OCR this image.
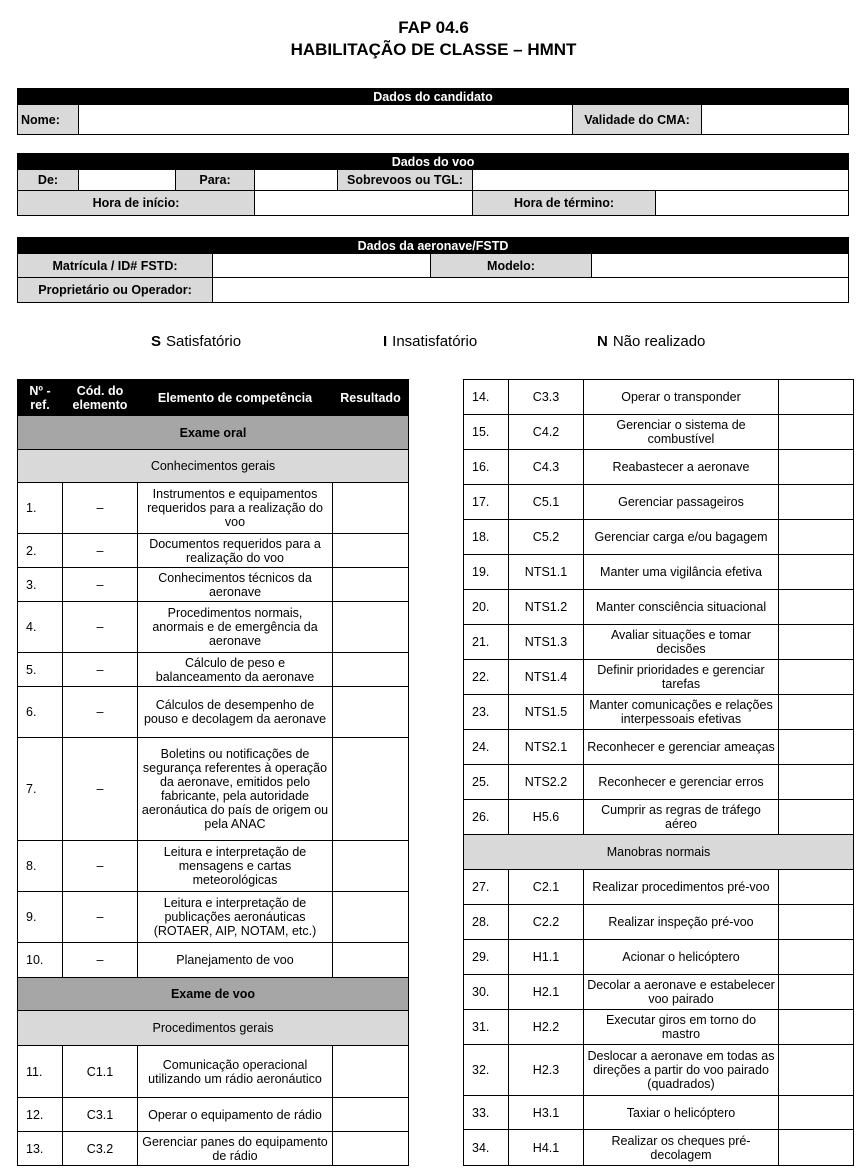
FAP 04.6
HABILITAÇÃO DE CLASSE – HMNT
Dados do candidato
Nome:		Validade do CMA:	
Dados do voo						
De:		Para:		Sobrevoos ou TGL:		
Hora de início:					Hora de término:	
Dados da aeronave/FSTD			
Matrícula / ID# FSTD:		Modelo:	
Proprietário ou Operador:			
S Satisfatório	I Insatisfatório	N Não realizado
Nº - ref.	Cód. do elemento	Elemento de competência	Resultado
Exame oral			
Conhecimentos gerais			
1.	–	Instrumentos e equipamentos requeridos para a realização do voo	
2.	–	Documentos requeridos para a realização do voo	
3.	–	Conhecimentos técnicos da aeronave	
4.	–	Procedimentos normais, anormais e de emergência da aeronave	
5.	–	Cálculo de peso e balanceamento da aeronave	
6.	–	Cálculos de desempenho de pouso e decolagem da aeronave	
7.	–	Boletins ou notificações de segurança referentes à operação da aeronave, emitidos pelo fabricante, pela autoridade aeronáutica do país de origem ou pela ANAC	
8.	–	Leitura e interpretação de mensagens e cartas meteorológicas	
9.	–	Leitura e interpretação de publicações aeronáuticas (ROTAER, AIP, NOTAM, etc.)	
10.	–	Planejamento de voo	
Exame de voo			
Procedimentos gerais			
11.	C1.1	Comunicação operacional utilizando um rádio aeronáutico	
12.	C3.1	Operar o equipamento de rádio	
13.	C3.2	Gerenciar panes do equipamento de rádio	
14.	C3.3	Operar o transponder	
15.	C4.2	Gerenciar o sistema de combustível	
16.	C4.3	Reabastecer a aeronave	
17.	C5.1	Gerenciar passageiros	
18.	C5.2	Gerenciar carga e/ou bagagem	
19.	NTS1.1	Manter uma vigilância efetiva	
20.	NTS1.2	Manter consciência situacional	
21.	NTS1.3	Avaliar situações e tomar decisões	
22.	NTS1.4	Definir prioridades e gerenciar tarefas	
23.	NTS1.5	Manter comunicações e relações interpessoais efetivas	
24.	NTS2.1	Reconhecer e gerenciar ameaças	
25.	NTS2.2	Reconhecer e gerenciar erros	
26.	H5.6	Cumprir as regras de tráfego aéreo	
Manobras normais			
27.	C2.1	Realizar procedimentos pré-voo	
28.	C2.2	Realizar inspeção pré-voo	
29.	H1.1	Acionar o helicóptero	
30.	H2.1	Decolar a aeronave e estabelecer voo pairado	
31.	H2.2	Executar giros em torno do mastro	
32.	H2.3	Deslocar a aeronave em todas as direções a partir do voo pairado (quadrados)	
33.	H3.1	Taxiar o helicóptero	
34.	H4.1	Realizar os cheques pré-decolagem	
